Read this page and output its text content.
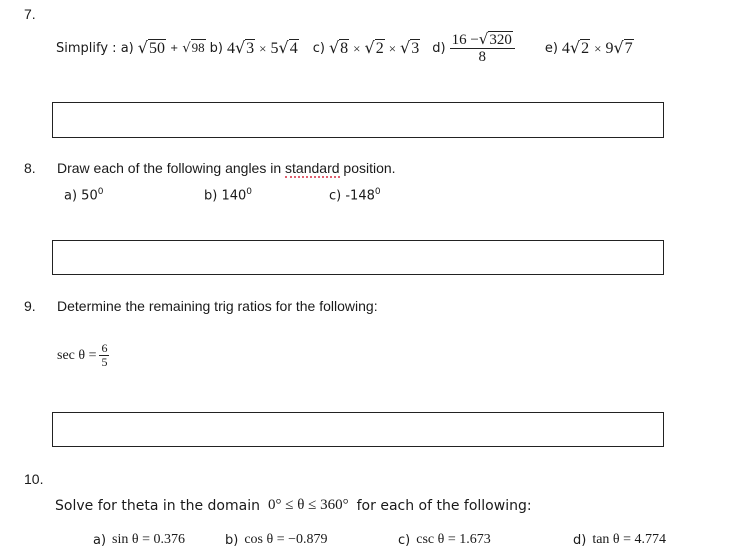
7.
Simplify : a) √50 + √98 b) 4√3 × 5√4 c) √8 × √2 × √3 $d) \frac{16 -√320}{8} e$) 4√2 × 9√7
8. Draw each of the following angles in standard position.
a) $50^0$	b) $140^0$	c) $-148^0$
9. Determine the remaining trig ratios for the following:
$\sec \theta = \frac{6}{5}$
10.
Solve for theta in the domain 0° ≤ θ ≤ 360° for each of the following:
a) sin θ = 0.376	b) cos θ = −0.879	c) csc θ = 1.673	d) tan θ = 4.774
